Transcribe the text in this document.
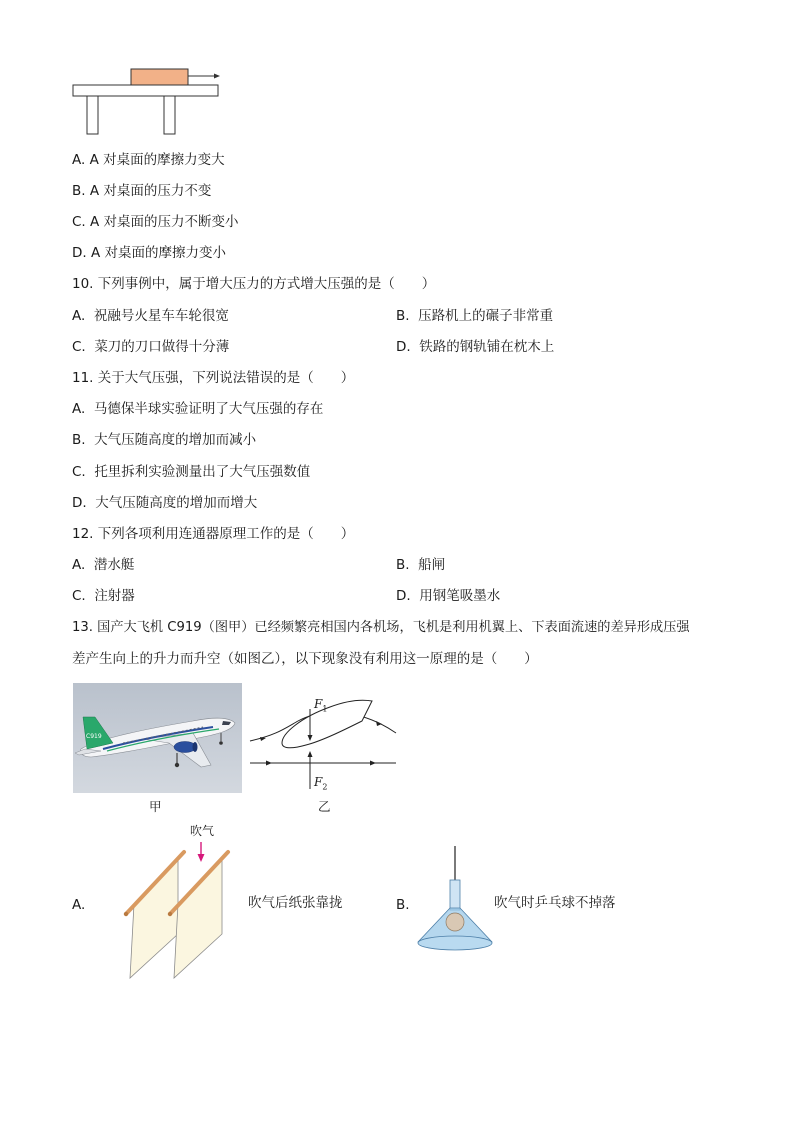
A. A 对桌面的摩擦力变大
B. A 对桌面的压力不变
C. A 对桌面的压力不断变小
D. A 对桌面的摩擦力变小
10. 下列事例中，属于增大压力的方式增大压强的是（　　）
A. 祝融号火星车车轮很宽	B. 压路机上的碾子非常重
C. 菜刀的刀口做得十分薄	D. 铁路的钢轨铺在枕木上
11. 关于大气压强，下列说法错误的是（　　）
A. 马德保半球实验证明了大气压强的存在
B. 大气压随高度的增加而减小
C. 托里拆利实验测量出了大气压强数值
D. 大气压随高度的增加而增大
12. 下列各项利用连通器原理工作的是（　　）
A. 潜水艇	B. 船闸
C. 注射器	D. 用钢笔吸墨水
13. 国产大飞机 C919（图甲）已经频繁亮相国内各机场，飞机是利用机翼上、下表面流速的差异形成压强
差产生向上的升力而升空（如图乙），以下现象没有利用这一原理的是（　　）
C919
甲
$F_1$
$F_2$
乙
A.
吹气
吹气后纸张靠拢	B.	吹气时乒乓球不掉落
